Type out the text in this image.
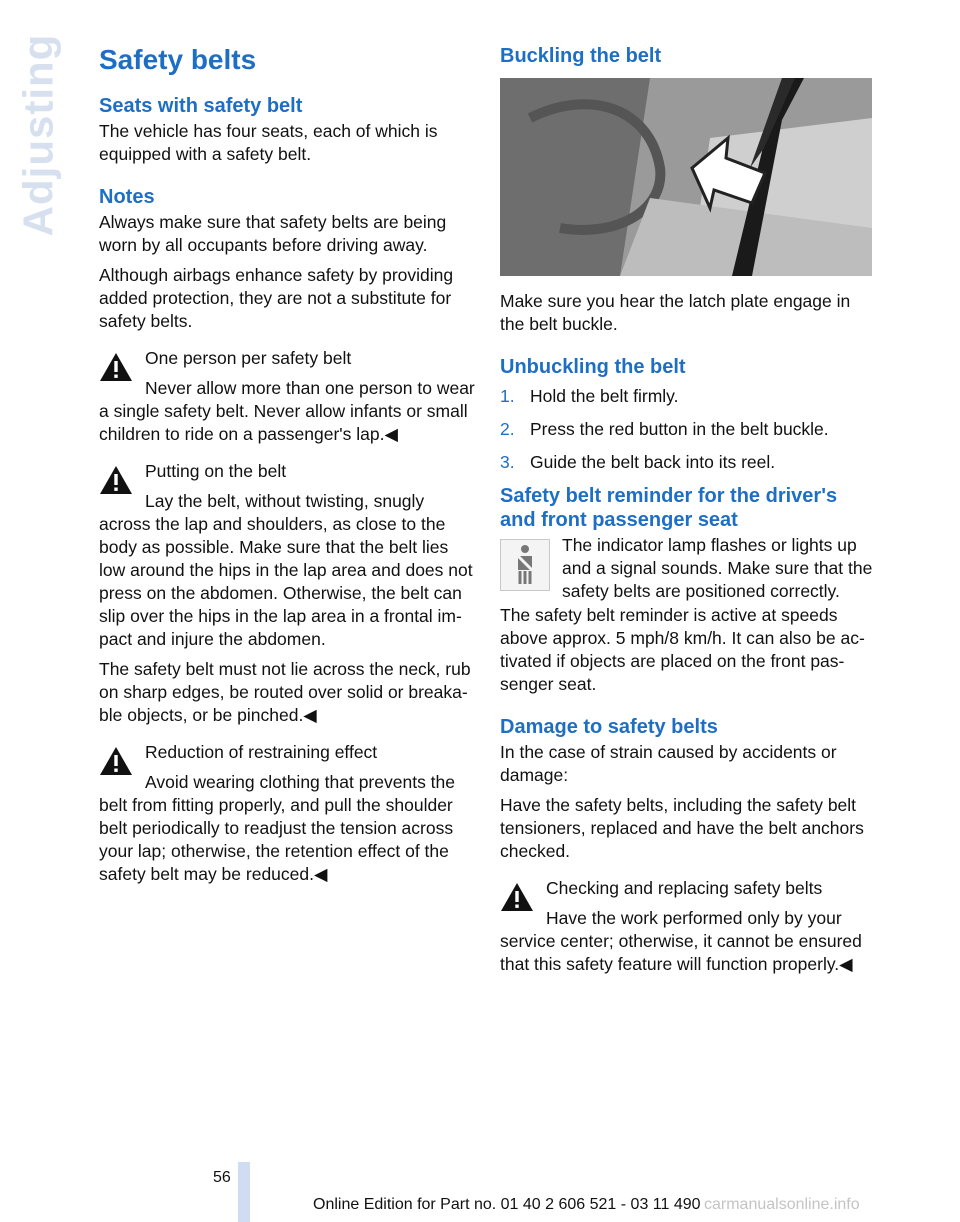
Adjusting Safety belts
Seats with safety belt

The vehicle has four seats, each of which is equipped with a safety belt.

Notes

Always make sure that safety belts are being worn by all occupants before driving away.

Although airbags enhance safety by providing added protection, they are not a substitute for safety belts.

One person per safety belt
Never allow more than one person to wear a single safety belt. Never allow infants or small children to ride on a passenger's lap.◀
Putting on the belt
Lay the belt, without twisting, snugly across the lap and shoulders, as close to the body as possible. Make sure that the belt lies low around the hips in the lap area and does not press on the abdomen. Otherwise, the belt can slip over the hips in the lap area in a frontal impact and injure the abdomen.

The safety belt must not lie across the neck, rub on sharp edges, be routed over solid or breakable objects, or be pinched.◀

Reduction of restraining effect
Avoid wearing clothing that prevents the belt from fitting properly, and pull the shoulder belt periodically to readjust the tension across your lap; otherwise, the retention effect of the safety belt may be reduced.◀
Buckling the belt

Make sure you hear the latch plate engage in the belt buckle.

Unbuckling the belt
1. Hold the belt firmly.
2. Press the red button in the belt buckle.
3. Guide the belt back into its reel.
Safety belt reminder for the driver's and front passenger seat
The indicator lamp flashes or lights up and a signal sounds. Make sure that the safety belts are positioned correctly.

The safety belt reminder is active at speeds above approx. 5 mph/8 km/h. It can also be activated if objects are placed on the front passenger seat.

Damage to safety belts

In the case of strain caused by accidents or damage:

Have the safety belts, including the safety belt tensioners, replaced and have the belt anchors checked.

Checking and replacing safety belts
Have the work performed only by your service center; otherwise, it cannot be ensured that this safety feature will function properly.◀
56
Online Edition for Part no. 01 40 2 606 521 - 03 11 490 carmanualsonline.info
